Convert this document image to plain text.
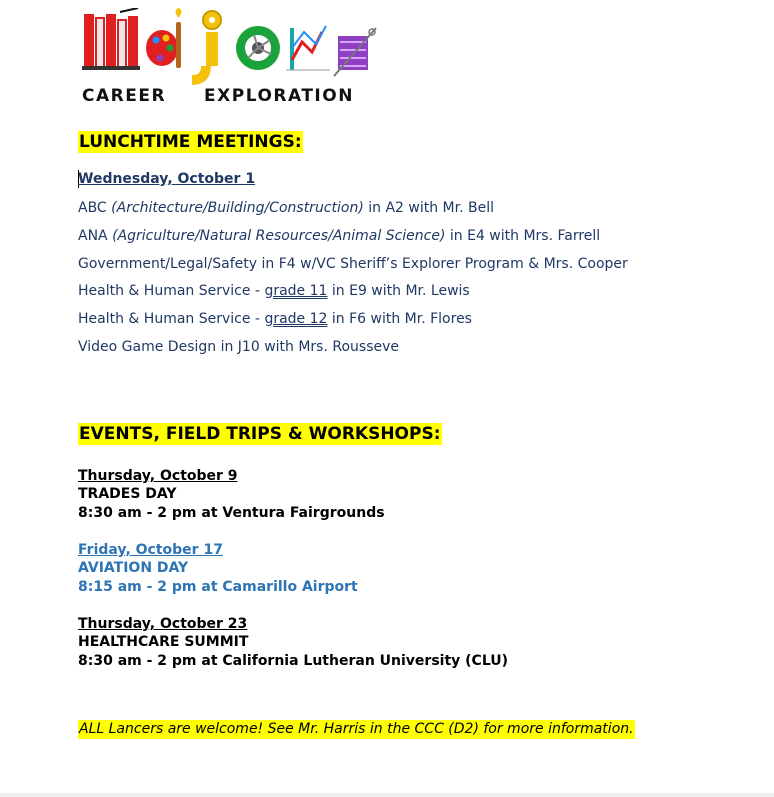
CAREER EXPLORATION
LUNCHTIME MEETINGS:
Wednesday, October 1
ABC (Architecture/Building/Construction) in A2 with Mr. Bell
ANA (Agriculture/Natural Resources/Animal Science) in E4 with Mrs. Farrell
Government/Legal/Safety in F4 w/VC Sheriff’s Explorer Program & Mrs. Cooper
Health & Human Service - grade 11 in E9 with Mr. Lewis
Health & Human Service - grade 12 in F6 with Mr. Flores
Video Game Design in J10 with Mrs. Rousseve
EVENTS, FIELD TRIPS & WORKSHOPS:
Thursday, October 9
TRADES DAY
8:30 am - 2 pm at Ventura Fairgrounds
Friday, October 17
AVIATION DAY
8:15 am - 2 pm at Camarillo Airport
Thursday, October 23
HEALTHCARE SUMMIT
8:30 am - 2 pm at California Lutheran University (CLU)
ALL Lancers are welcome! See Mr. Harris in the CCC (D2) for more information.
